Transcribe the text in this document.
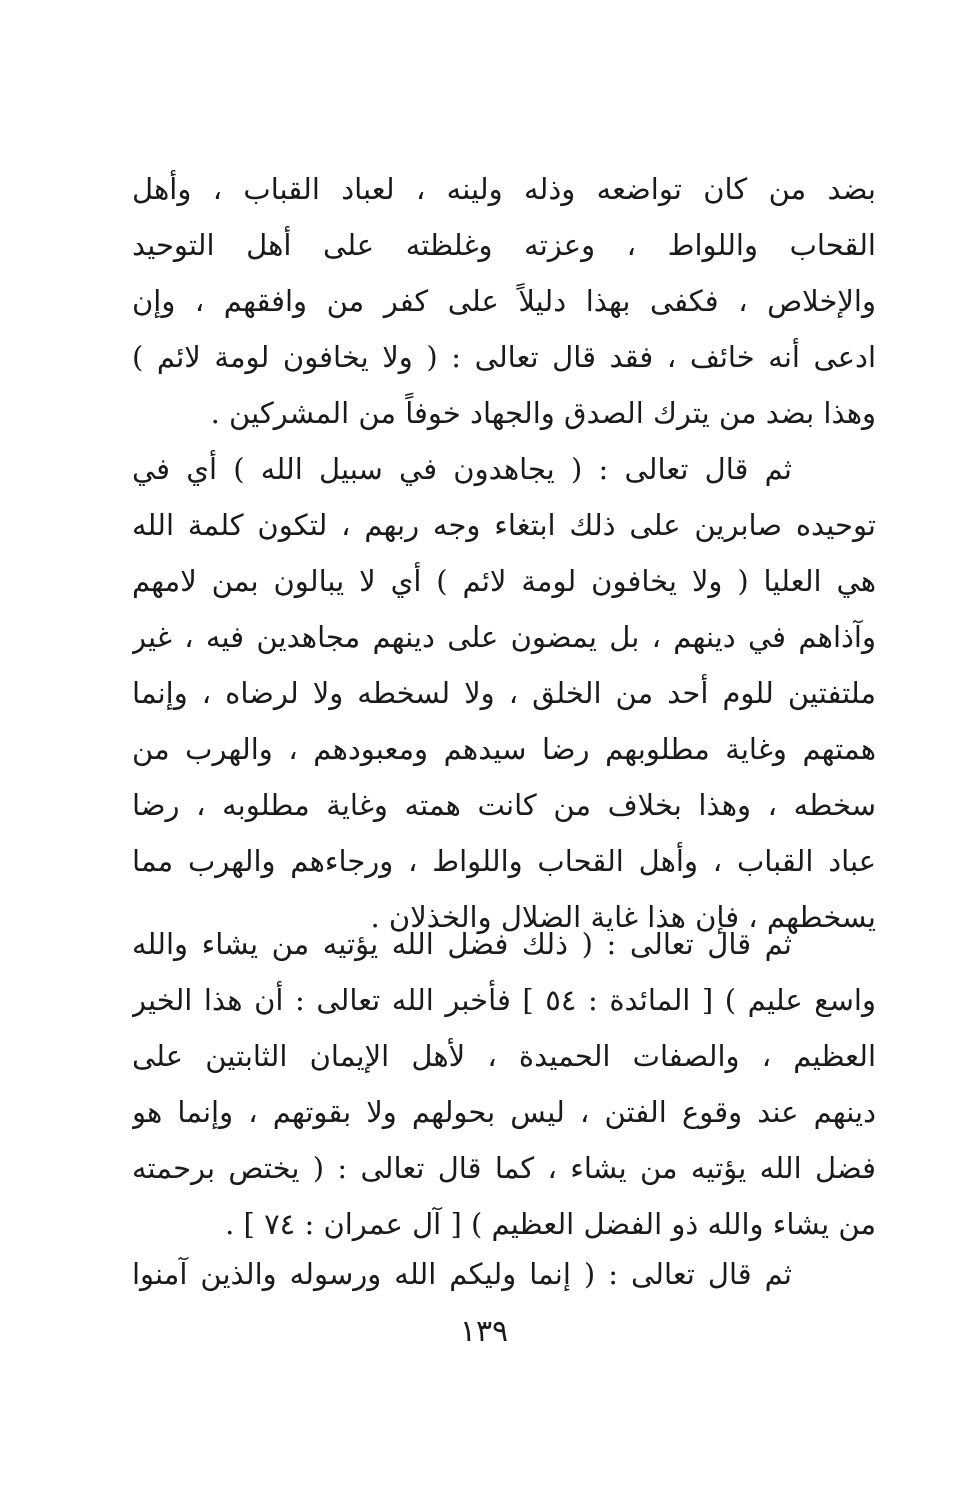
بضد من كان تواضعه وذله ولينه ، لعباد القباب ، وأهل
القحاب واللواط ، وعزته وغلظته على أهل التوحيد
والإخلاص ، فكفى بهذا دليلاً على كفر من وافقهم ، وإن
ادعى أنه خائف ، فقد قال تعالى : ( ولا يخافون لومة لائم )
وهذا بضد من يترك الصدق والجهاد خوفاً من المشركين .
ثم قال تعالى : ( يجاهدون في سبيل الله ) أي في
توحيده صابرين على ذلك ابتغاء وجه ربهم ، لتكون كلمة الله
هي العليا ( ولا يخافون لومة لائم ) أي لا يبالون بمن لامهم
وآذاهم في دينهم ، بل يمضون على دينهم مجاهدين فيه ، غير
ملتفتين للوم أحد من الخلق ، ولا لسخطه ولا لرضاه ، وإنما
همتهم وغاية مطلوبهم رضا سيدهم ومعبودهم ، والهرب من
سخطه ، وهذا بخلاف من كانت همته وغاية مطلوبه ، رضا
عباد القباب ، وأهل القحاب واللواط ، ورجاءهم والهرب مما
يسخطهم ، فإن هذا غاية الضلال والخذلان .
ثم قال تعالى : ( ذلك فضل الله يؤتيه من يشاء والله
واسع عليم ) [ المائدة : ٥٤ ] فأخبر الله تعالى : أن هذا الخير
العظيم ، والصفات الحميدة ، لأهل الإيمان الثابتين على
دينهم عند وقوع الفتن ، ليس بحولهم ولا بقوتهم ، وإنما هو
فضل الله يؤتيه من يشاء ، كما قال تعالى : ( يختص برحمته
من يشاء والله ذو الفضل العظيم ) [ آل عمران : ٧٤ ] .
ثم قال تعالى : ( إنما وليكم الله ورسوله والذين آمنوا
١٣٩
